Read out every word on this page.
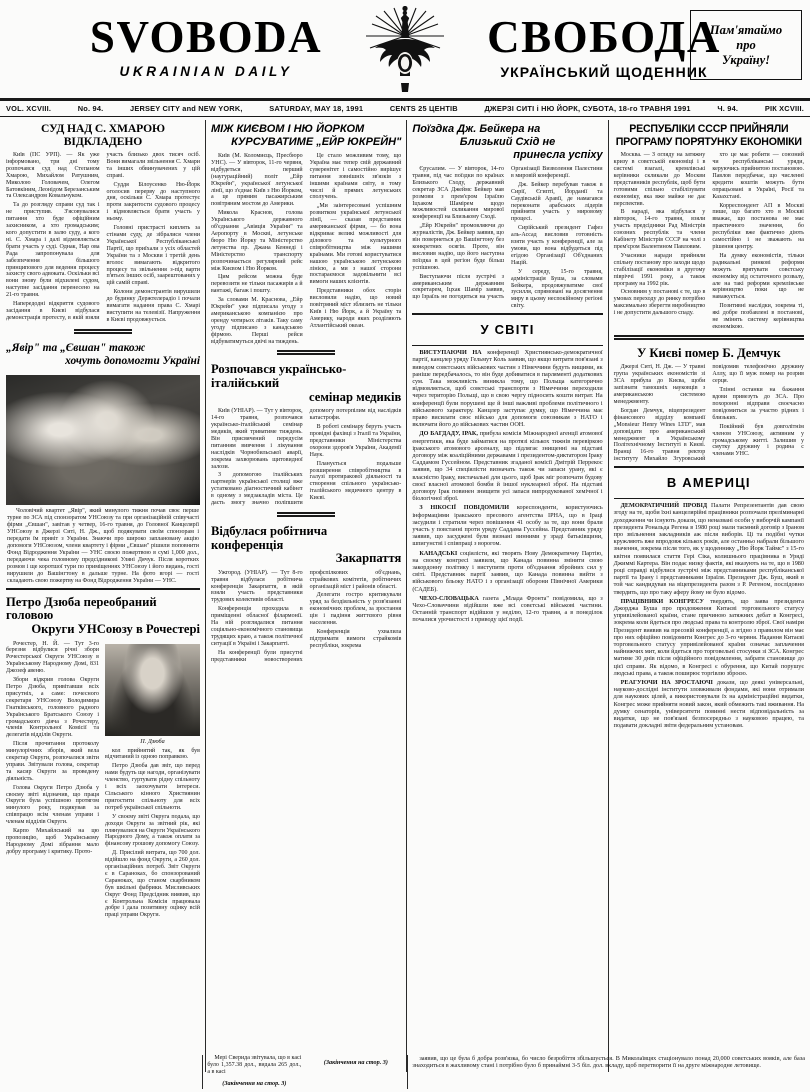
SVOBODA
UKRAINIAN DAILY
СВОБОДА
УКРАЇНСЬКИЙ ЩОДЕННИК
Пам'ятаймо
про
Україну!
VOL. XCVIII.	No. 94.	JERSEY CITY and NEW YORK,	SATURDAY, MAY 18, 1991	CENTS 25 ЦЕНТІВ	ДЖЕРЗІ СИТІ і НЮ ЙОРК, СУБОТА, 18-го ТРАВНЯ 1991	Ч. 94.	РІК XCVIII.
СУД НАД С. ХМАРОЮ ВІДКЛАДЕНО

Київ (ПС УРП). — Як уже інформовано, три дні тому розпочався суд над Степаном Хмарою, Михайлом Ратушним, Миколою Головачем, Олегом Батовкіним, Леонідом Березанським та Олександром Ковальчуком.

Та до розгляду справи суд так і не приступив. З'ясовувалися питання хто буде офіційним захисником, а хто громадським; кого допустити в залю суду, а кого ні. С. Хмара і далі відмовляється брати участь у суді. Однак, Нар ова Рада запропонувала для забезпечення більшого принципового для ведення процесу захисту свого адвоката. Оскільки всі вони знову були відхилені судом, наступне засідання перенесено на 21-го травня.

Напередодні відкриття судового засідання в Києві відбулася демонстрація протесту, в якій взяли участь близько двох тисяч осіб. Вони вимагали звільнення С. Хмари та інших обвинувачених у цій справі.

Суддя Білоусенко Ню-Йорк оголосив перерву до наступного дня, оскільки С. Хмара протестує проти закритости судового процесу і відмовляється брати участь у ньому.

Головні пристрасті киплять за стінами суду, де зібралися члени Української Республіканської Партії, що приїхали з усіх областей України та з Москви і третій день вголос вимагають відкритого процесу та звільнення з-під варти п'ятьох інших осіб, заарештованих у цій самій справі.

Колони демонстрантів вирушили до будинку Держтелерадіо і почали вимагати надання права С. Хмарі виступити на телевізії. Напруження в Києві продовжується.

„Явір" та „Євшан" також
хочуть допомогти Україні
Чоловічий квартет „Явір", який минулого тижня почав своє перше турне по ЗСА під спонзоратом УНСоюзу та при організаційній співучасті фірми „Євшан", завітав у четвер, 16-го травня, до Головної Канцелярії УНСоюзу в Джерзі Ситі, Н. Дж., щоб подякувати своїм спонзорам і передати їм привіт з України. Знаючи про широко заплановану акцію допомоги УНСоюзом, члени квартету і фірми „Євшан" рішили поповнити Фонд Відродження України — УНС своєю пожертвою в сумі 1,000 дол., передаючи чека головному предсідникові Уляні Дячук. Після коротких розмов і ще коротшої тури по приміщеннях УНСоюзу і його видань, гості вирушили до Вашінгтону в дальше турне. На фото вгорі — гості складають свою пожертву на Фонд Відродження України — УНС.
Петро Дзюба переобраний головою
Округи УНСоюзу в Рочестері

Рочестер, Н. Й. — Тут 3-го березня відбулися річні збори Рочестерської Округи УНСоюзу в Українському Народному Домі, 831 Джозеф авеню.

Збори відкрив голова Округи Петро Дзюба, привітавши всіх присутніх, а саме: почесного секретаря УНСоюзу Володимира Гнатківського, головного радного Українського Братського Союзу і громадського діяча з Рочестеру, членів Контрольної Комісії та делегатів відділів Округи.

Після прочитання протоколу минулорічних зборів, який вела секретар Округи, розпочалися звіти управи. Звітували голова, секретар та касир Округи за проведену діяльність.

Голова Округи Петро Дзюба у своєму звіті відзначив, що праця Округи була успішною протягом минулого року, подякував за співпрацю всім членам управи і членам відділів Округи.

Карпо Михайлський на цю пропозицію, щоб Українському Народному Домі зібрання мало добру програму і критику. Прото-

П. Дзюба

кол прийнятий так, як був відчитаний із одною поправкою.

Петро Дзюба дав звіт, що перед нами будуть ще нагоди, організувати членство, гуртувати рідну спільноту і всіх заохочувати інтереси. Сільського кінного Християнин пригостити спільноту для всіх потреб української спільноти.

У своєму звіті Округа подала, що доходи Округи за звітний рік, які плянувалися на Округи Українського Народного Дому, а також оплати за фінансову грошову допомогу Союзу.

Д. Присілий витрата, що 700 дол. відійшло на фонд Округи, а 260 дол. організаційних потреб. Звіт Округи є в Сараноках, бо спонзорований Сараноках, що станом скарбником був шкільні фабрики. Мисливських Округ Фонд Предсідник виявив, що є Контрольна Комісія працювала добре і дала позитивну оцінку всій праці управи Округи.

МІЖ КИЄВОМ І НЮ ЙОРКОМ
КУРСУВАТИМЕ „ЕЙР ЮКРЕЙН"

Київ (М. Коломиєць, Пресбюро УНС). — У вівторок, 11-го червня, відбудеться перший (наугураційний) політ „Ейр Юкрейн", української летунської лінії, що з'єднає Київ з Ню Йорком, а це прямим пасажирським повітряним мостом до Америки.

Микола Краснов, голова Українського державного об'єднання „Авіяція України" та Аеропорту в Москві, летунське бюро Ню Йорку та Міністерство летунства пр. Джана Кеннеді і Міністерство транспорту розпочинається регулярний рейс між Києвом і Ню Йорком.

Цим рейсом можна буде перевозити не тільки пасажирів а й вантажі, багаж і пошту.

За словами М. Краснова, „Ейр Юкрейн" уже підписала угоду з американською компанією про оренду чотирьох літаків. Таку саму угоду підписано з канадською фірмою. Перші рейси відбуватимуться двічі на тиждень.

Це стало можливим тому, що Україна має тепер свій державний суверенітет і самостійно вирішує питання зовнішніх зв'язків з іншими країнами світу, в тому числі й прямих летунських сполучень.

„Ми заінтересовані успішним розвитком української летунської лінії, — сказав представник американської фірми, — бо вона відкриває великі можливості для ділового та культурного співробітництва між нашими країнами. Ми готові користуватися нашою українською летунською лінією, а ми з нашої сторони постараємося задовільнити всі вимоги наших клієнтів.

Представники обох сторін висловили надію, що новий повітряний міст зблизить не тільки Київ і Ню Йорк, а й Україну та Америку, народи яких розділяють Атлантійський океан.

Розпочався українсько-італійський
семінар медиків

Київ (УНІАР). — Тут у вівторок, 14-го травня, розпочався українсько-італійський семінар медиків, який триватиме тиждень. Він присвячений передусім питанням вивчення і лікування наслідків Чорнобильської аварії, зокрема захворювань щитовидної залози.

З допомогою італійських партнерів української столиці вже устатковано діагностичний кабінет в одному з медзакладів міста. Це дасть змогу значно поліпшити допомогу потерпілим від наслідків катастрофи.

В роботі семінару беруть участь провідні фахівці з Італії та України, представники Міністерства охорони здоров'я України, Академії Наук.

Планується подальше розширення співробітництва в галузі протиракової діяльності та створення спільного українсько-італійського медичного центру в Києві.

Відбулася робітнича конференція
Закарпаття

Ужгород. (УНІАР). — Тут 8-го травня відбулася робітнича конференція Закарпаття, в якій взяли участь представники трудових колективів області.

Конференція проходила в приміщенні обласної філармонії. На ній розглядалися питання соціяльно-економічного становища трудящих краю, а також політичної ситуації в Україні і Закарпатті.

На конференції були присутні представники новостворених профспілкових об'єднань, страйкових комітетів, робітничих організацій міст і районів області.

Делегати гостро критикували уряд за бездіяльність у розв'язанні економічних проблем, за зростання цін і падіння життєвого рівня населення.

Конференція ухвалила підтримати вимоги страйкомів республіки, зокрема

Поїздка Дж. Бейкера на
Близький Схід не
принесла успіху

Єрусалим. — У вівторок, 14-го травня, під час поїздки по країнах Близького Сходу, державний секретар ЗСА Джеймс Бейкер мав розмови з прем'єром Ізраїлю Іцхаком Шамірем щодо можливостей скликання мирової конференції на Близькому Сході.

„Ейр Юкрейн" промовляючи до журналістів, Дж. Бейкер заявив, що він повернеться до Вашінгтону без конкретних осягів. Проте, він висловив надію, що його наступна поїздка в цей регіон буде більш успішною.

Виступаючи після зустрічі з американським державним секретарем, Іцхак Шамір заявив, що Ізраїль не погодиться на участь Організації Визволення Палестини в мировій конференції.

Дж. Бейкер перебував також в Сирії, Єгипті, Йорданії та Саудівській Аравії, де намагався переконати арабських лідерів прийняти участь у мировому процесі.

Сирійський президент Гафез аль-Ассад висловив готовність взяти участь у конференції, але за умови, що вона відбудеться під егідою Організації Об'єднаних Націй.

У середу, 15-го травня, адміністрація Буша, за словами Бейкера, продовжуватиме свої зусилля, спрямовані на досягнення миру в цьому неспокійному регіоні світу.

У СВІТІ

ВИСТУПАЮЧИ НА конференції Християнсько-демократичної партії, канцлер уряду Гельмут Коль заявив, що якщо витрати пов'язані з виводом совєтських військових частин з Німеччини будуть вищими, як раніше передбачалось, то він буде добиватися в парляменті додаткових сум. Така можливість виникла тому, що Польща категорично відмовляється, щоб совєтські транспорти з Німеччини переходили через територію Польщі, що в свою чергу підносить кошти витрат. На конференції були порушені ще й інші важливі проблеми політичного і військового характеру. Канцлер заступає думку, що Німеччина має право висилати своє військо для допомоги союзникам з НАТО і включати його до військових частин ООН.

ДО БАГДАДУ, ІРАК, прибула комісія Міжнародної агенції атомової енергетики, яка буде займатися на протязі кількох тижнів перевіркою іракського атомового арсеналу, що підлягає знищенні на підставі договору між коаліційними державами і президентом-диктатором Іраку Саддамом Гуссейном. Представник згаданої комісії Дмітрій Перрекос заявив, що 34 спеціялісти визначать також чи запаси урану, які є власністю Іраку, вистачальні для цього, щоб Ірак міг розпочати будову своєї власної атомової бомби й іншої нуклеарної зброї. На підставі договору Ірак повинен знищити усі запаси випродукованої хемічної і біологічної зброї.

З НІКОСІЇ ПОВІДОМИЛИ кореспонденти, користуючись інформаціями іракського пресового агентства ІРНА, що в Іраці засудили і стратили через повішення 41 особу за те, що вони брали участь у повстанні проти уряду Саддама Гуссейна. Представник уряду заявив, що засуджені були визнані винними у зраді батьківщини, шпигунстві і співпраці з ворогом.

КАНАДСЬКІ соціялісти, які творять Нову Демократичну Партію, на своєму конгресі заявили, що Канада повинна змінити свою закордонну політику і виступити проти об'єднання збройних сил у світі. Представник партії заявив, що Канада повинна вийти з військового бльоку НАТО і з організації оборони Північної Америки (САДЕБ).

ЧЕХО-СЛОВАЦЬКА газета „Млада Фронта" повідомила, що з Чехо-Словаччини відійшли вже всі совєтські військові частини. Останній транспорт відійшов у неділю, 12-го травня, а в понеділок почалися урочистості з приводу цієї події.

РЕСПУБЛІКИ СССР ПРИЙНЯЛИ
ПРОГРАМУ ПОРЯТУНКУ ЕКОНОМІКИ

Москва. — З огляду на затяжну кризу в совєтській економіці і в системі взагалі, кремлівські керівники скликали до Москви представників республік, щоб бути готовими спільно стабілізувати економіку, яка вже майже не дає перспектив.

В нараді, яка відбулася у вівторок, 14-го травня, взяли участь предсідники Рад Міністрів союзних республік та члени Кабінету Міністрів СССР на чолі з прем'єром Валентином Павловим.

Учасники наради прийняли спільну постанову про заходи щодо стабілізації економіки в другому півріччі 1991 року, а також програму на 1992 рік.

Основним у постанові є те, що в умовах переходу до ринку потрібно максимально зберегти виробництво і не допустити дальшого спаду.

хто це має робити — союзний чи республіканські уряди, керуючись прийнятою постановою. Павлов передбачає, що численні кредити коштів можуть бути опрацьовані в Україні, Росії та Казахстані.

Корреспондент АП в Москві пише, що багато хто в Москві вважає, що постанова не має практичного значення, бо республіки вже фактично діють самостійно і не зважають на рішення центру.

На думку економістів, тільки радикальні ринкові реформи можуть врятувати совєтську економіку від остаточного розвалу, але на такі реформи кремлівське керівництво поки що не наважується.

Позитивні наслідки, зокрема ті, які добре позбавлені в постанові, не змінять систему керівництва економікою.

У Києві помер Б. Демчук

Джерзі Ситі, Н. Дж. — У травні група українських економістів зі ЗСА прибула до Києва, щоби запізнати тамошніх науковців з американською системою менеджменту.

Богдан Демчук, віцепрезидент фінансового відділу компанії „Monsieur Henry Wines LTD", мав доповідати про американський менеджмент в Українському Політехнічному Інституті в Києві. Вранці 16-го травня ректор інституту Михайло Згуровський повідомив телефонічно дружину Аллу, що її муж помер на розрив серця.

Тлінні останки на бажання вдови привезуть до ЗСА. Про похоронні відправи своєчасно повідомиться за участю рідних і близьких.

Покійний був довголітнім членом УНСоюзу, активним у громадському житті. Залишив у смутку дружину і родина с членами УНС.

В АМЕРИЦІ

ДЕМОКРАТИЧНИЙ ПРОВІД Палати Репрезентантів дав свою згоду на те, щоби їхні канцелярійні працівники розпочали преліминарні доходження чи існують докази, що неназвані особи у виборчій кампанії президента Рональда Регена в 1980 році мали таємний договір з Іраном про звільнення закладників аж після виборів. Ці та подібні чутки кружляють вже впродовж кількох років, але останньо набрали більшого значення, зокрема після того, як у щоденнику „Ню Йорк Таймс" з 15-го квітня появилася стаття Гері Сіка, колишнього працівника в Уряді Джиммі Картера. Він подає низку фактів, які вказують на те, що в 1980 році справді відбулися зустрічі між представниками республіканської партії та Ірану і представниками Ізраїля. Президент Дж. Буш, який в той час кандидував на віцепрезидента разом з Р. Регеном, послідовно твердить, що про таку аферу йому не було відомо.

ПРАЦІВНИКИ КОНГРЕСУ твердять, що заява президента Джорджа Буша про продовження Китаєві торговельного статусу упривілейованої країни, стане причиною затяжних дебат в Конгресі, зокрема коли йдеться про людські права та контролю зброї. Свої наміри Президент виявив на пресовій конференції, а згідно з правилом він має про них офіційно повідомити Конгрес до 3-го червня. Надання Китаєві торговельного статусу упривілейованої країни означає заплачення найнижчих мит, коли йдеться про торговельні стосунки зі ЗСА. Конгрес матиме 30 днів після офіційного повідомлення, забрати становище до цієї справи. Як відомо, в Конгресі є обурення, що Китай порушує людські права, а також поширює торгівлю зброєю.

РЕАГУЮЧИ НА ЗРОСТАЮЧІ докази, що деякі універсальні, науково-дослідні інститути зловживали фондами, які вони отримали для наукових цілей, а використовували їх на адміністраційні видатки, Конгрес може прийняти новий закон, який обмежить такі вживання. На думку сенаторів, університети повинні нести відповідальність за видатки, що не пов'язані безпосередньо з науковою працею, та подавати докладні звіти федеральним установам.

Мері Сверида звітувала, що в касі було 1,357.38 дол., видала 265 дол., а в касі

(Закінчення на стор. 3)

(Закінчення на стор. 3)

заявив, що це була б добра розв'язка, бо число безробіття збільшується. В Миколаївцях стаціонувало понад 20,000 совєтських вояків, але база знаходиться в жахливому стані і потрібно було б принаймні 3-5 біл. дол. вкладу, щоб перетворити її на друге міжнародне летовище.
